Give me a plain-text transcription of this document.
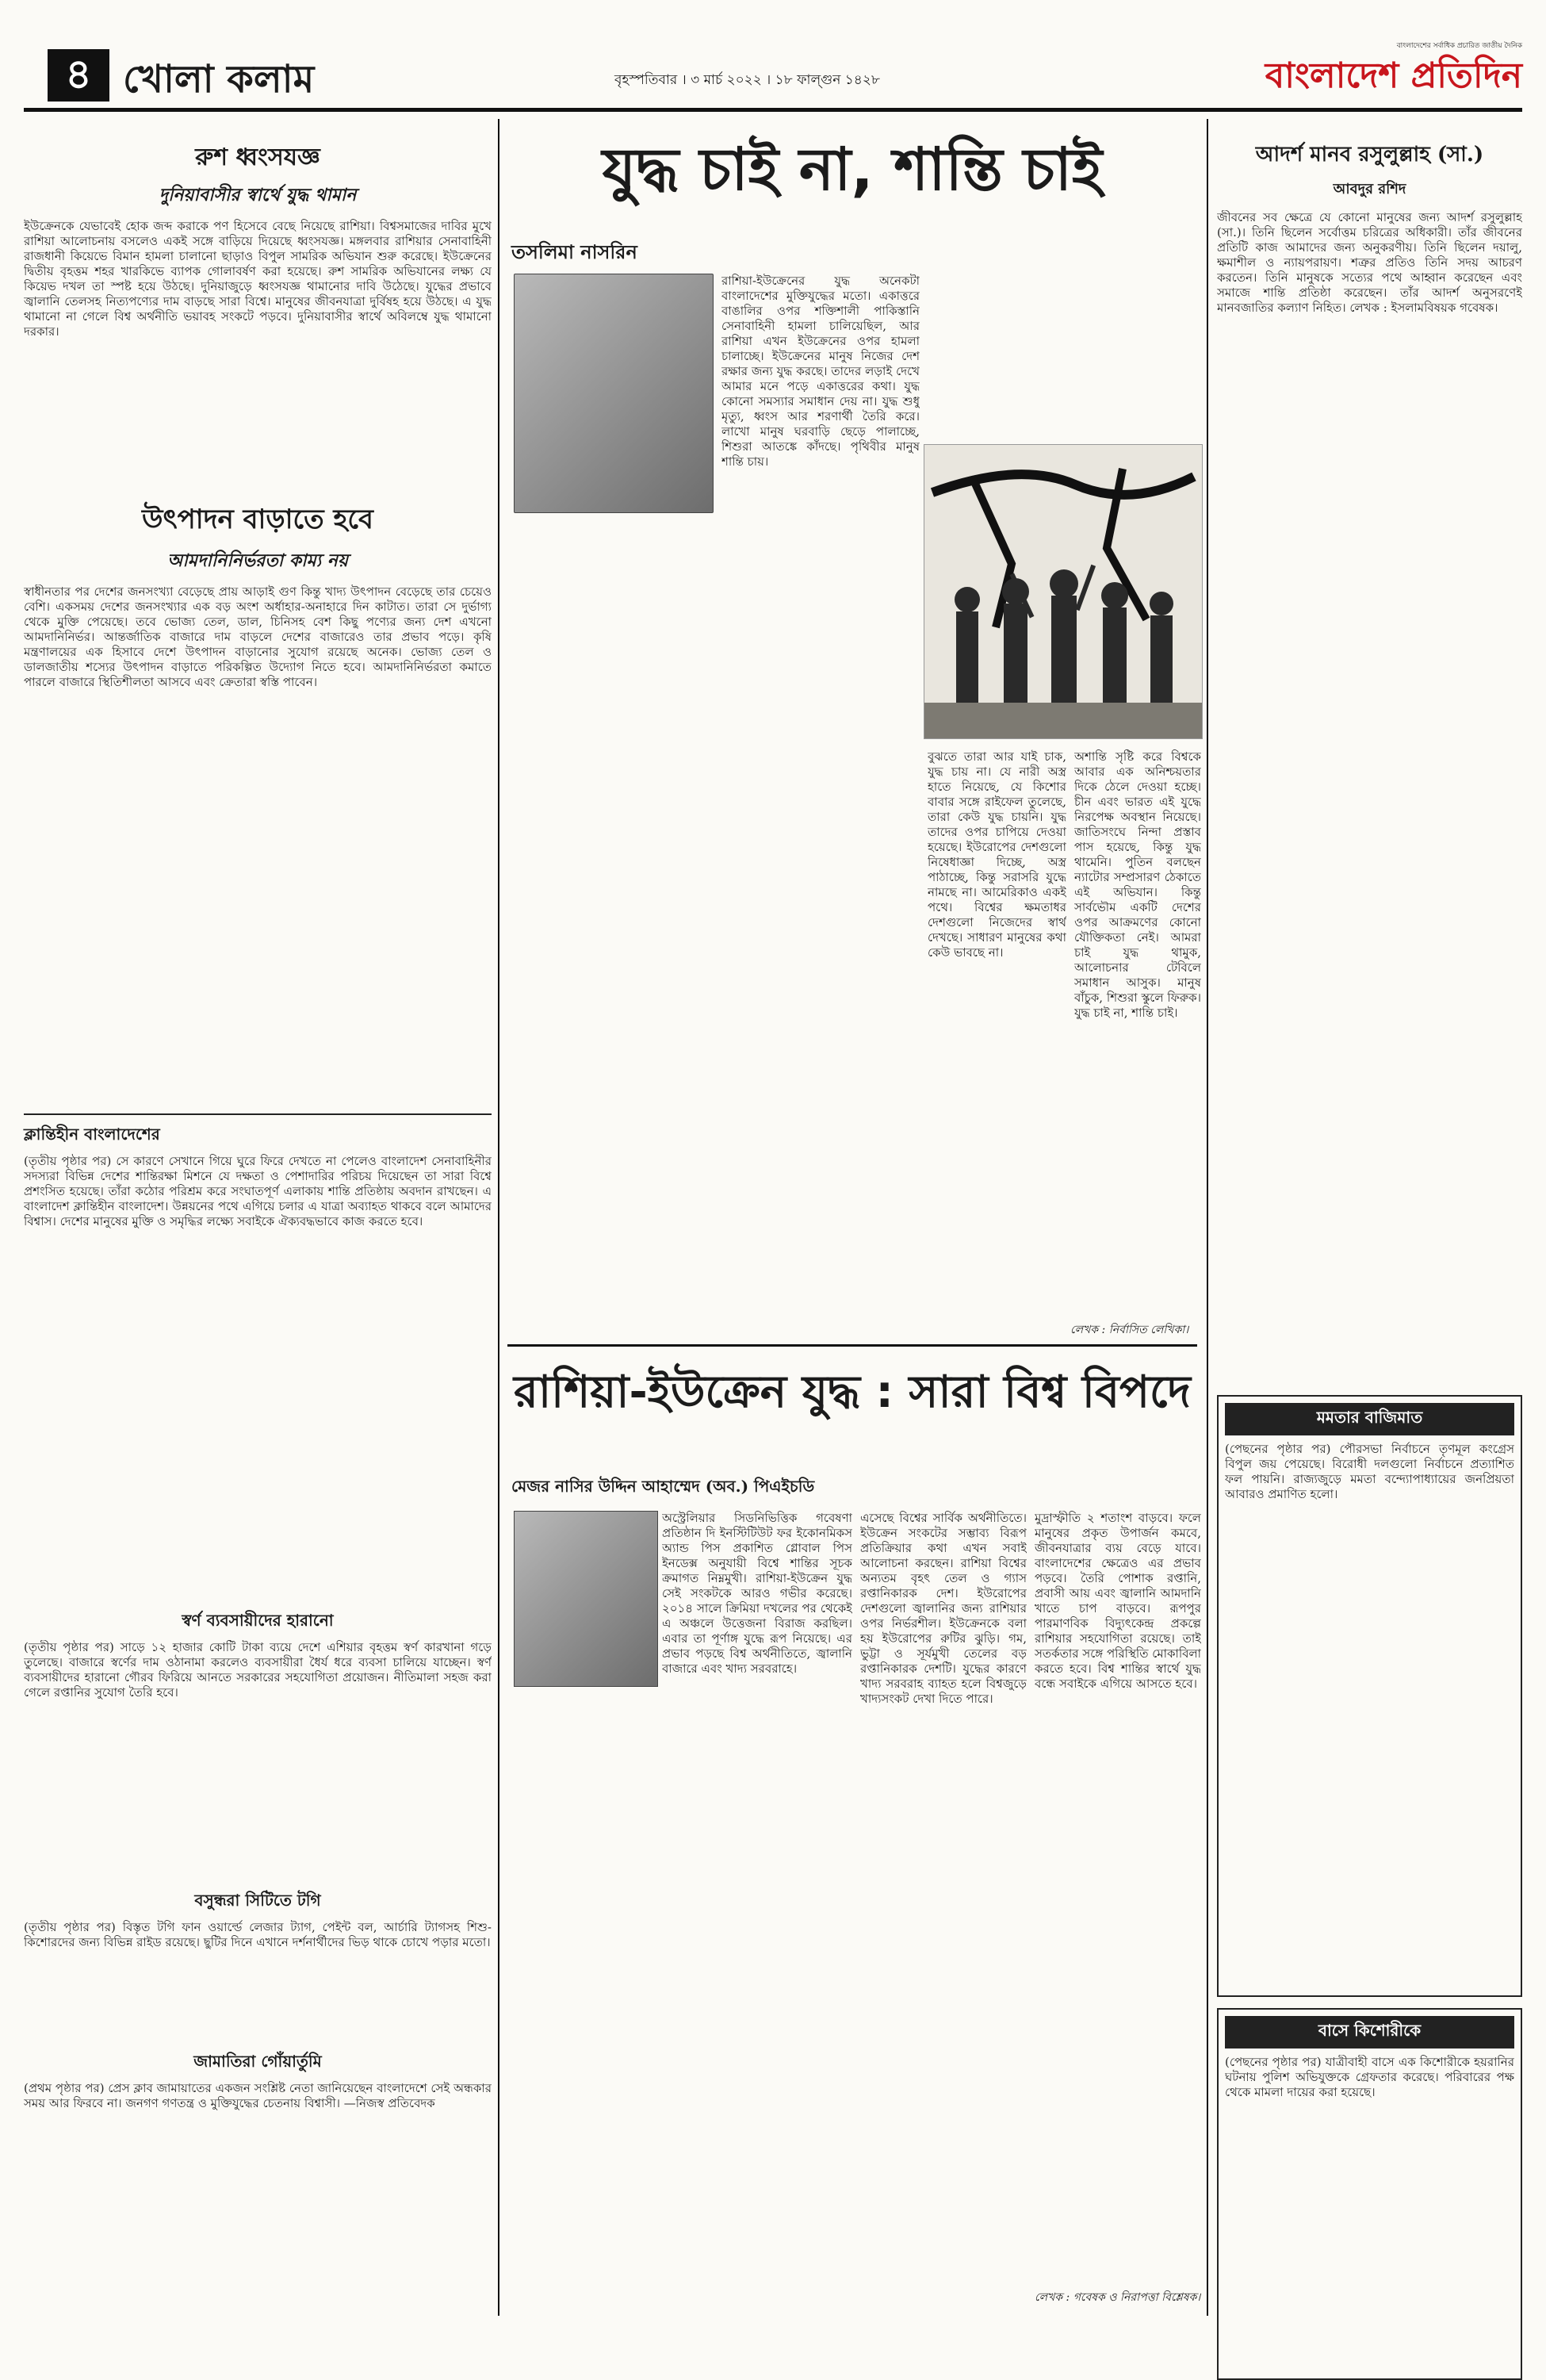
৪ খোলা কলাম	বৃহস্পতিবার । ৩ মার্চ ২০২২ । ১৮ ফাল্গুন ১৪২৮
বাংলাদেশের সর্বাধিক প্রচারিত জাতীয় দৈনিক
বাংলাদেশ প্রতিদিন
রুশ ধ্বংসযজ্ঞ
দুনিয়াবাসীর স্বার্থে যুদ্ধ থামান
ইউক্রেনকে যেভাবেই হোক জব্দ করাকে পণ হিসেবে বেছে নিয়েছে রাশিয়া। বিশ্বসমাজের দাবির মুখে রাশিয়া আলোচনায় বসলেও একই সঙ্গে বাড়িয়ে দিয়েছে ধ্বংসযজ্ঞ। মঙ্গলবার রাশিয়ার সেনাবাহিনী রাজধানী কিয়েভে বিমান হামলা চালানো ছাড়াও বিপুল সামরিক অভিযান শুরু করেছে। ইউক্রেনের দ্বিতীয় বৃহত্তম শহর খারকিভে ব্যাপক গোলাবর্ষণ করা হয়েছে। রুশ সামরিক অভিযানের লক্ষ্য যে কিয়েভ দখল তা স্পষ্ট হয়ে উঠছে। দুনিয়াজুড়ে ধ্বংসযজ্ঞ থামানোর দাবি উঠেছে। যুদ্ধের প্রভাবে জ্বালানি তেলসহ নিত্যপণ্যের দাম বাড়ছে সারা বিশ্বে। মানুষের জীবনযাত্রা দুর্বিষহ হয়ে উঠছে। এ যুদ্ধ থামানো না গেলে বিশ্ব অর্থনীতি ভয়াবহ সংকটে পড়বে। দুনিয়াবাসীর স্বার্থে অবিলম্বে যুদ্ধ থামানো দরকার।
উৎপাদন বাড়াতে হবে
আমদানিনির্ভরতা কাম্য নয়
স্বাধীনতার পর দেশের জনসংখ্যা বেড়েছে প্রায় আড়াই গুণ কিন্তু খাদ্য উৎপাদন বেড়েছে তার চেয়েও বেশি। একসময় দেশের জনসংখ্যার এক বড় অংশ অর্ধাহার-অনাহারে দিন কাটাত। তারা সে দুর্ভাগ্য থেকে মুক্তি পেয়েছে। তবে ভোজ্য তেল, ডাল, চিনিসহ বেশ কিছু পণ্যের জন্য দেশ এখনো আমদানিনির্ভর। আন্তর্জাতিক বাজারে দাম বাড়লে দেশের বাজারেও তার প্রভাব পড়ে। কৃষি মন্ত্রণালয়ের এক হিসাবে দেশে উৎপাদন বাড়ানোর সুযোগ রয়েছে অনেক। ভোজ্য তেল ও ডালজাতীয় শস্যের উৎপাদন বাড়াতে পরিকল্পিত উদ্যোগ নিতে হবে। আমদানিনির্ভরতা কমাতে পারলে বাজারে স্থিতিশীলতা আসবে এবং ক্রেতারা স্বস্তি পাবেন।
ক্লান্তিহীন বাংলাদেশের
(তৃতীয় পৃষ্ঠার পর) সে কারণে সেখানে গিয়ে ঘুরে ফিরে দেখতে না পেলেও বাংলাদেশ সেনাবাহিনীর সদস্যরা বিভিন্ন দেশের শান্তিরক্ষা মিশনে যে দক্ষতা ও পেশাদারির পরিচয় দিয়েছেন তা সারা বিশ্বে প্রশংসিত হয়েছে। তাঁরা কঠোর পরিশ্রম করে সংঘাতপূর্ণ এলাকায় শান্তি প্রতিষ্ঠায় অবদান রাখছেন। এ বাংলাদেশ ক্লান্তিহীন বাংলাদেশ। উন্নয়নের পথে এগিয়ে চলার এ যাত্রা অব্যাহত থাকবে বলে আমাদের বিশ্বাস। দেশের মানুষের মুক্তি ও সমৃদ্ধির লক্ষ্যে সবাইকে ঐক্যবদ্ধভাবে কাজ করতে হবে।
স্বর্ণ ব্যবসায়ীদের হারানো
(তৃতীয় পৃষ্ঠার পর) সাড়ে ১২ হাজার কোটি টাকা ব্যয়ে দেশে এশিয়ার বৃহত্তম স্বর্ণ কারখানা গড়ে তুলেছে। বাজারে স্বর্ণের দাম ওঠানামা করলেও ব্যবসায়ীরা ধৈর্য ধরে ব্যবসা চালিয়ে যাচ্ছেন। স্বর্ণ ব্যবসায়ীদের হারানো গৌরব ফিরিয়ে আনতে সরকারের সহযোগিতা প্রয়োজন। নীতিমালা সহজ করা গেলে রপ্তানির সুযোগ তৈরি হবে।
বসুন্ধরা সিটিতে টগি
(তৃতীয় পৃষ্ঠার পর) বিস্তৃত টগি ফান ওয়ার্ল্ডে লেজার ট্যাগ, পেইন্ট বল, আর্চারি ট্যাগসহ শিশু-কিশোরদের জন্য বিভিন্ন রাইড রয়েছে। ছুটির দিনে এখানে দর্শনার্থীদের ভিড় থাকে চোখে পড়ার মতো।
জামাতিরা গোঁয়ার্তুমি
(প্রথম পৃষ্ঠার পর) প্রেস ক্লাব জামায়াতের একজন সংশ্লিষ্ট নেতা জানিয়েছেন বাংলাদেশে সেই অন্ধকার সময় আর ফিরবে না। জনগণ গণতন্ত্র ও মুক্তিযুদ্ধের চেতনায় বিশ্বাসী। —নিজস্ব প্রতিবেদক
যুদ্ধ চাই না, শান্তি চাই
তসলিমা নাসরিন
রাশিয়া-ইউক্রেনের যুদ্ধ অনেকটা বাংলাদেশের মুক্তিযুদ্ধের মতো। একাত্তরে বাঙালির ওপর শক্তিশালী পাকিস্তানি সেনাবাহিনী হামলা চালিয়েছিল, আর রাশিয়া এখন ইউক্রেনের ওপর হামলা চালাচ্ছে। ইউক্রেনের মানুষ নিজের দেশ রক্ষার জন্য যুদ্ধ করছে। তাদের লড়াই দেখে আমার মনে পড়ে একাত্তরের কথা। যুদ্ধ কোনো সমস্যার সমাধান দেয় না। যুদ্ধ শুধু মৃত্যু, ধ্বংস আর শরণার্থী তৈরি করে। লাখো মানুষ ঘরবাড়ি ছেড়ে পালাচ্ছে, শিশুরা আতঙ্কে কাঁদছে। পৃথিবীর মানুষ শান্তি চায়।
বুঝতে তারা আর যাই চাক, যুদ্ধ চায় না। যে নারী অস্ত্র হাতে নিয়েছে, যে কিশোর বাবার সঙ্গে রাইফেল তুলেছে, তারা কেউ যুদ্ধ চায়নি। যুদ্ধ তাদের ওপর চাপিয়ে দেওয়া হয়েছে। ইউরোপের দেশগুলো নিষেধাজ্ঞা দিচ্ছে, অস্ত্র পাঠাচ্ছে, কিন্তু সরাসরি যুদ্ধে নামছে না। আমেরিকাও একই পথে। বিশ্বের ক্ষমতাধর দেশগুলো নিজেদের স্বার্থ দেখছে। সাধারণ মানুষের কথা কেউ ভাবছে না।
অশান্তি সৃষ্টি করে বিশ্বকে আবার এক অনিশ্চয়তার দিকে ঠেলে দেওয়া হচ্ছে। চীন এবং ভারত এই যুদ্ধে নিরপেক্ষ অবস্থান নিয়েছে। জাতিসংঘে নিন্দা প্রস্তাব পাস হয়েছে, কিন্তু যুদ্ধ থামেনি। পুতিন বলছেন ন্যাটোর সম্প্রসারণ ঠেকাতে এই অভিযান। কিন্তু সার্বভৌম একটি দেশের ওপর আক্রমণের কোনো যৌক্তিকতা নেই। আমরা চাই যুদ্ধ থামুক, আলোচনার টেবিলে সমাধান আসুক। মানুষ বাঁচুক, শিশুরা স্কুলে ফিরুক। যুদ্ধ চাই না, শান্তি চাই।
লেখক : নির্বাসিত লেখিকা।
রাশিয়া-ইউক্রেন যুদ্ধ : সারা বিশ্ব বিপদে
মেজর নাসির উদ্দিন আহাম্মেদ (অব.) পিএইচডি
অস্ট্রেলিয়ার সিডনিভিত্তিক গবেষণা প্রতিষ্ঠান দি ইনস্টিটিউট ফর ইকোনমিকস অ্যান্ড পিস প্রকাশিত গ্লোবাল পিস ইনডেক্স অনুযায়ী বিশ্বে শান্তির সূচক ক্রমাগত নিম্নমুখী। রাশিয়া-ইউক্রেন যুদ্ধ সেই সংকটকে আরও গভীর করেছে। ২০১৪ সালে ক্রিমিয়া দখলের পর থেকেই এ অঞ্চলে উত্তেজনা বিরাজ করছিল। এবার তা পূর্ণাঙ্গ যুদ্ধে রূপ নিয়েছে। এর প্রভাব পড়ছে বিশ্ব অর্থনীতিতে, জ্বালানি বাজারে এবং খাদ্য সরবরাহে।
এসেছে বিশ্বের সার্বিক অর্থনীতিতে। ইউক্রেন সংকটের সম্ভাব্য বিরূপ প্রতিক্রিয়ার কথা এখন সবাই আলোচনা করছেন। রাশিয়া বিশ্বের অন্যতম বৃহৎ তেল ও গ্যাস রপ্তানিকারক দেশ। ইউরোপের দেশগুলো জ্বালানির জন্য রাশিয়ার ওপর নির্ভরশীল। ইউক্রেনকে বলা হয় ইউরোপের রুটির ঝুড়ি। গম, ভুট্টা ও সূর্যমুখী তেলের বড় রপ্তানিকারক দেশটি। যুদ্ধের কারণে খাদ্য সরবরাহ ব্যাহত হলে বিশ্বজুড়ে খাদ্যসংকট দেখা দিতে পারে।
মুদ্রাস্ফীতি ২ শতাংশ বাড়বে। ফলে মানুষের প্রকৃত উপার্জন কমবে, জীবনযাত্রার ব্যয় বেড়ে যাবে। বাংলাদেশের ক্ষেত্রেও এর প্রভাব পড়বে। তৈরি পোশাক রপ্তানি, প্রবাসী আয় এবং জ্বালানি আমদানি খাতে চাপ বাড়বে। রূপপুর পারমাণবিক বিদ্যুৎকেন্দ্র প্রকল্পে রাশিয়ার সহযোগিতা রয়েছে। তাই সতর্কতার সঙ্গে পরিস্থিতি মোকাবিলা করতে হবে। বিশ্ব শান্তির স্বার্থে যুদ্ধ বন্ধে সবাইকে এগিয়ে আসতে হবে।
লেখক : গবেষক ও নিরাপত্তা বিশ্লেষক।
আদর্শ মানব রসুলুল্লাহ (সা.)
আবদুর রশিদ
জীবনের সব ক্ষেত্রে যে কোনো মানুষের জন্য আদর্শ রসুলুল্লাহ (সা.)। তিনি ছিলেন সর্বোত্তম চরিত্রের অধিকারী। তাঁর জীবনের প্রতিটি কাজ আমাদের জন্য অনুকরণীয়। তিনি ছিলেন দয়ালু, ক্ষমাশীল ও ন্যায়পরায়ণ। শত্রুর প্রতিও তিনি সদয় আচরণ করতেন। তিনি মানুষকে সত্যের পথে আহ্বান করেছেন এবং সমাজে শান্তি প্রতিষ্ঠা করেছেন। তাঁর আদর্শ অনুসরণেই মানবজাতির কল্যাণ নিহিত। লেখক : ইসলামবিষয়ক গবেষক।
মমতার বাজিমাত
(পেছনের পৃষ্ঠার পর) পৌরসভা নির্বাচনে তৃণমূল কংগ্রেস বিপুল জয় পেয়েছে। বিরোধী দলগুলো নির্বাচনে প্রত্যাশিত ফল পায়নি। রাজ্যজুড়ে মমতা বন্দ্যোপাধ্যায়ের জনপ্রিয়তা আবারও প্রমাণিত হলো।
বাসে কিশোরীকে
(পেছনের পৃষ্ঠার পর) যাত্রীবাহী বাসে এক কিশোরীকে হয়রানির ঘটনায় পুলিশ অভিযুক্তকে গ্রেফতার করেছে। পরিবারের পক্ষ থেকে মামলা দায়ের করা হয়েছে।
